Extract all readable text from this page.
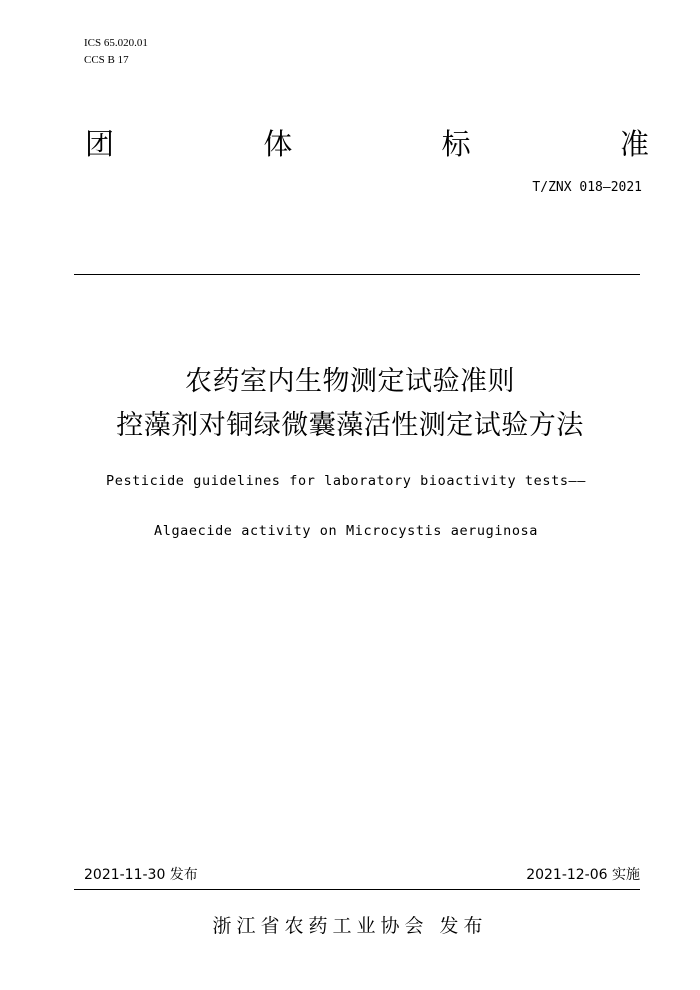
ICS 65.020.01
CCS B 17
团	体	标	准
T/ZNX 018—2021
农药室内生物测定试验准则
控藻剂对铜绿微囊藻活性测定试验方法
Pesticide guidelines for laboratory bioactivity tests——
Algaecide activity on Microcystis aeruginosa
2021-11-30 发布	2021-12-06 实施
浙江省农药工业协会 发布
